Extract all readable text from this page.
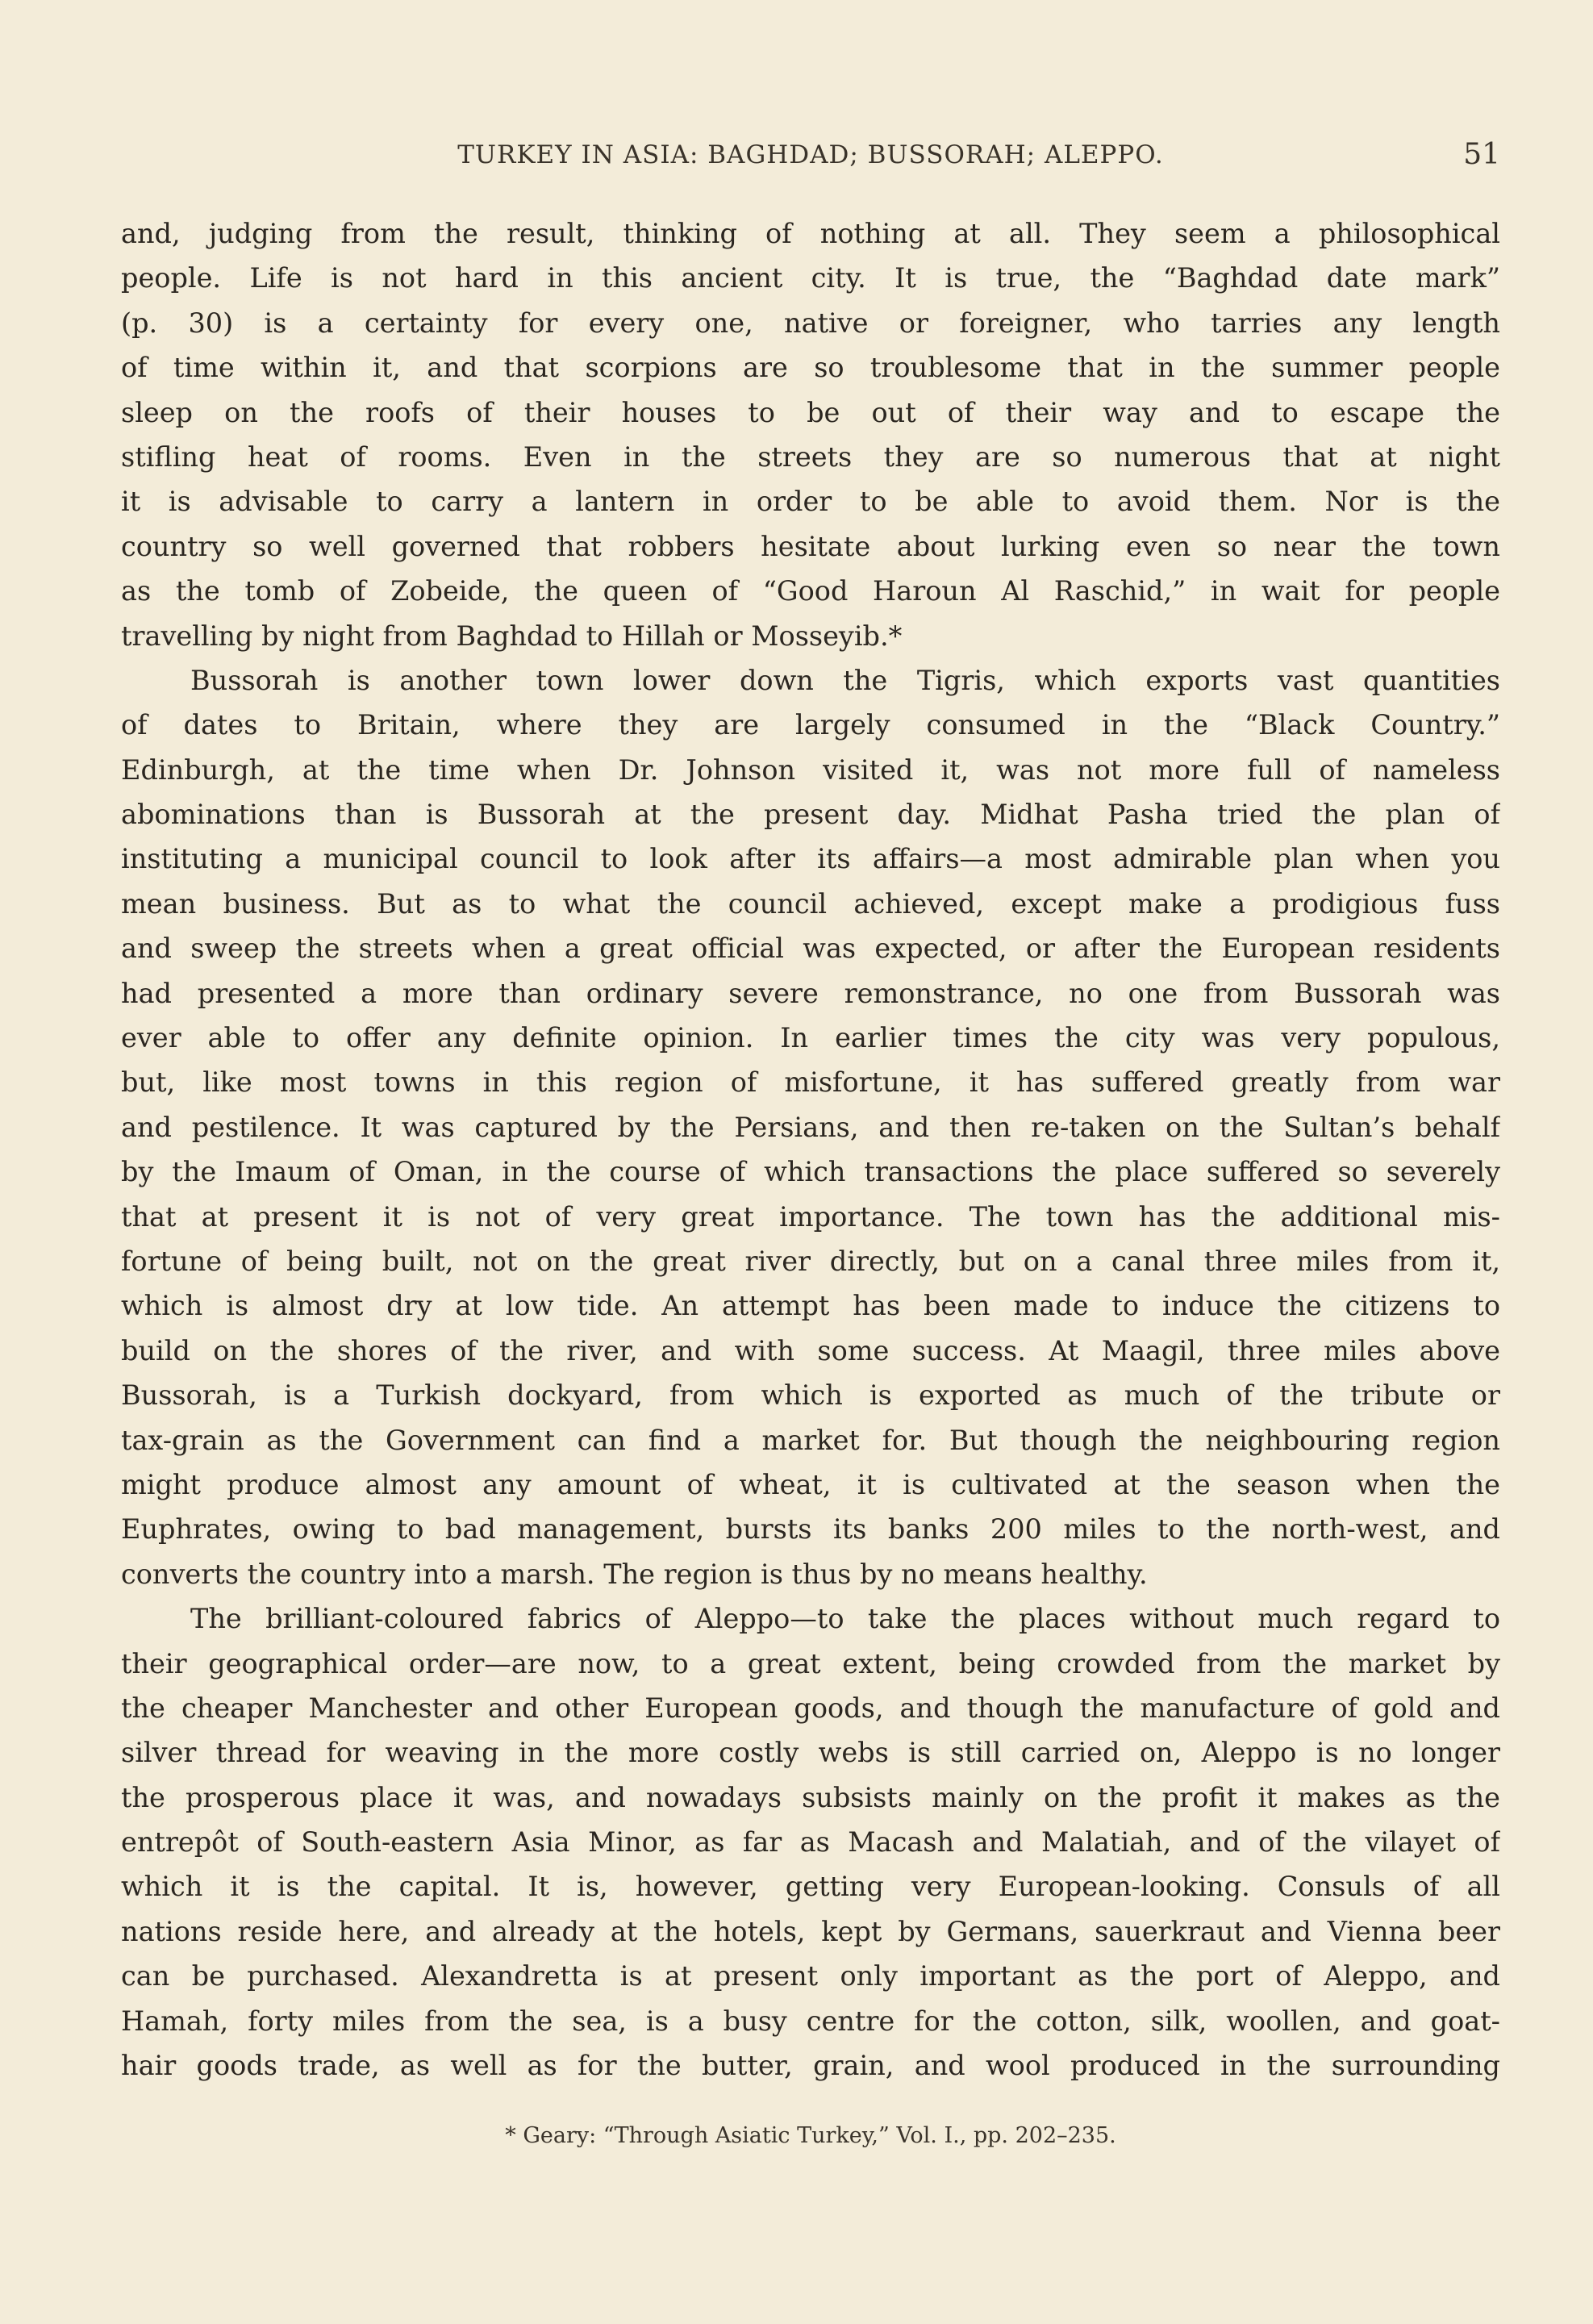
TURKEY IN ASIA: BAGHDAD; BUSSORAH; ALEPPO.	51
and, judging from the result, thinking of nothing at all. They seem a philosophical
people. Life is not hard in this ancient city. It is true, the “Baghdad date mark”
(p. 30) is a certainty for every one, native or foreigner, who tarries any length
of time within it, and that scorpions are so troublesome that in the summer people
sleep on the roofs of their houses to be out of their way and to escape the
stifling heat of rooms. Even in the streets they are so numerous that at night
it is advisable to carry a lantern in order to be able to avoid them. Nor is the
country so well governed that robbers hesitate about lurking even so near the town
as the tomb of Zobeide, the queen of “Good Haroun Al Raschid,” in wait for people
travelling by night from Baghdad to Hillah or Mosseyib.*
Bussorah is another town lower down the Tigris, which exports vast quantities
of dates to Britain, where they are largely consumed in the “Black Country.”
Edinburgh, at the time when Dr. Johnson visited it, was not more full of nameless
abominations than is Bussorah at the present day. Midhat Pasha tried the plan of
instituting a municipal council to look after its affairs—a most admirable plan when you
mean business. But as to what the council achieved, except make a prodigious fuss
and sweep the streets when a great official was expected, or after the European residents
had presented a more than ordinary severe remonstrance, no one from Bussorah was
ever able to offer any definite opinion. In earlier times the city was very populous,
but, like most towns in this region of misfortune, it has suffered greatly from war
and pestilence. It was captured by the Persians, and then re-taken on the Sultan’s behalf
by the Imaum of Oman, in the course of which transactions the place suffered so severely
that at present it is not of very great importance. The town has the additional mis-
fortune of being built, not on the great river directly, but on a canal three miles from it,
which is almost dry at low tide. An attempt has been made to induce the citizens to
build on the shores of the river, and with some success. At Maagil, three miles above
Bussorah, is a Turkish dockyard, from which is exported as much of the tribute or
tax-grain as the Government can find a market for. But though the neighbouring region
might produce almost any amount of wheat, it is cultivated at the season when the
Euphrates, owing to bad management, bursts its banks 200 miles to the north-west, and
converts the country into a marsh. The region is thus by no means healthy.
The brilliant-coloured fabrics of Aleppo—to take the places without much regard to
their geographical order—are now, to a great extent, being crowded from the market by
the cheaper Manchester and other European goods, and though the manufacture of gold and
silver thread for weaving in the more costly webs is still carried on, Aleppo is no longer
the prosperous place it was, and nowadays subsists mainly on the profit it makes as the
entrepôt of South-eastern Asia Minor, as far as Macash and Malatiah, and of the vilayet of
which it is the capital. It is, however, getting very European-looking. Consuls of all
nations reside here, and already at the hotels, kept by Germans, sauerkraut and Vienna beer
can be purchased. Alexandretta is at present only important as the port of Aleppo, and
Hamah, forty miles from the sea, is a busy centre for the cotton, silk, woollen, and goat-
hair goods trade, as well as for the butter, grain, and wool produced in the surrounding
* Geary: “Through Asiatic Turkey,” Vol. I., pp. 202–235.
